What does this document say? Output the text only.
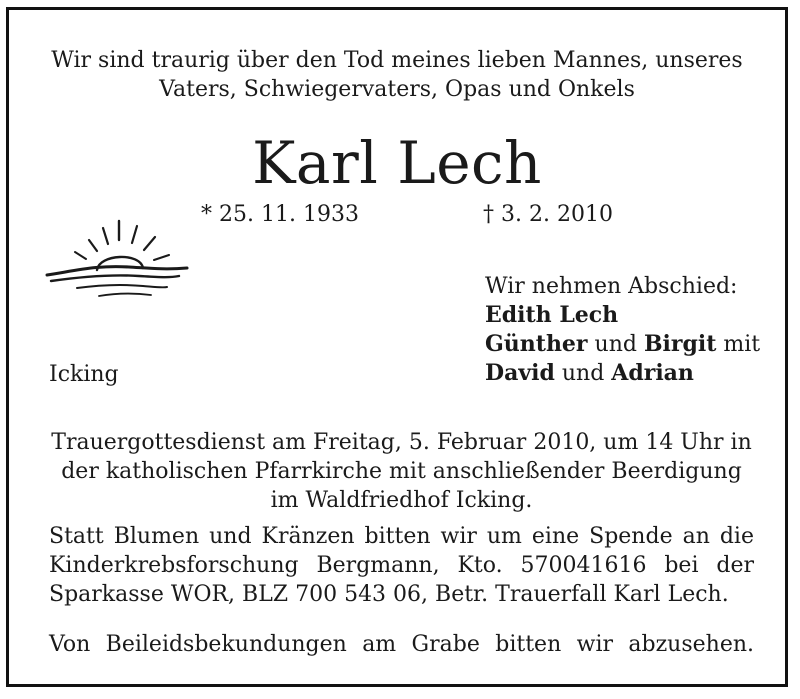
Wir sind traurig über den Tod meines lieben Mannes, unseres
Vaters, Schwiegervaters, Opas und Onkels
Karl Lech
* 25. 11. 1933	† 3. 2. 2010
Wir nehmen Abschied:
Edith Lech
Günther und Birgit mit
David und Adrian
Icking
Trauergottesdienst am Freitag, 5. Februar 2010, um 14 Uhr in
der katholischen Pfarrkirche mit anschließender Beerdigung
im Waldfriedhof Icking.
Statt Blumen und Kränzen bitten wir um eine Spende an die
Kinderkrebsforschung Bergmann, Kto. 570041616 bei der
Sparkasse WOR, BLZ 700 543 06, Betr. Trauerfall Karl Lech.
Von Beileidsbekundungen am Grabe bitten wir abzusehen.
